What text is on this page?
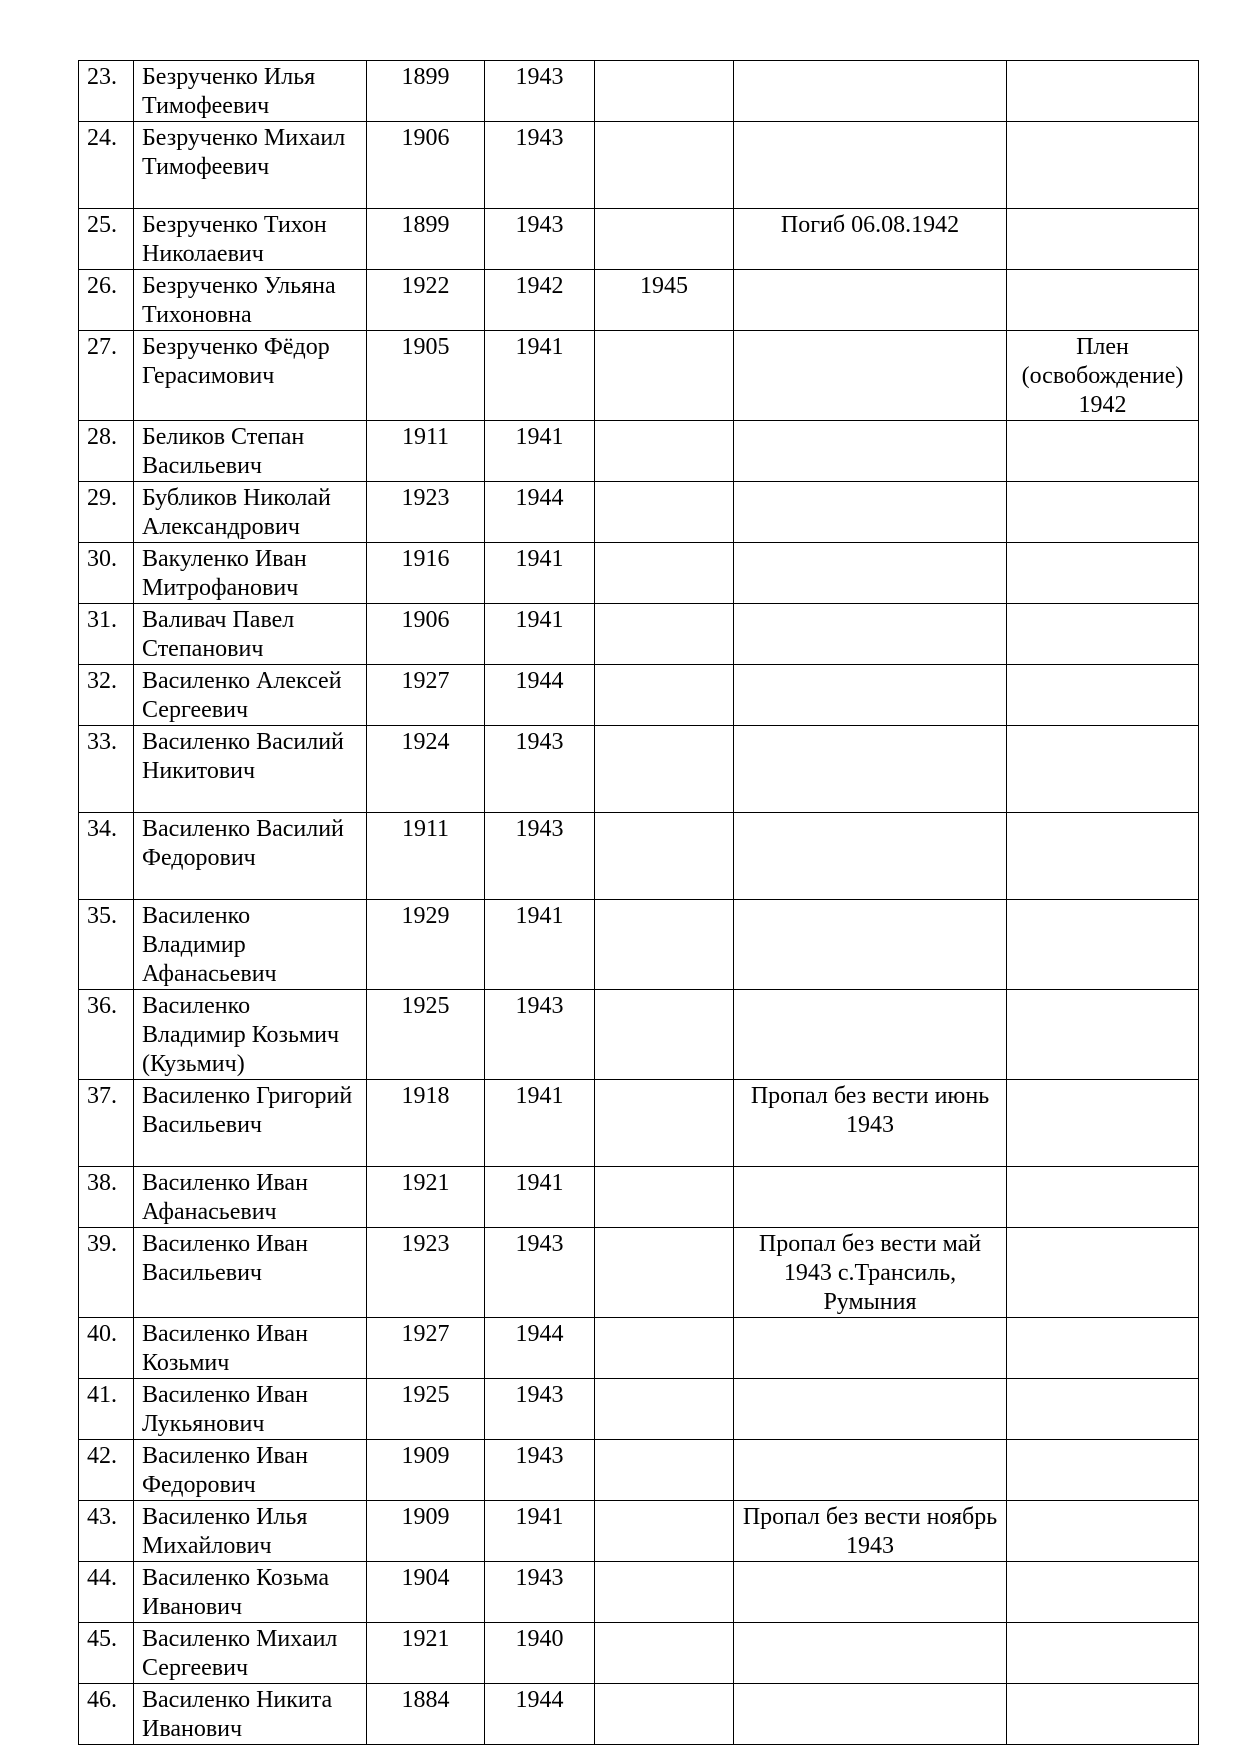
23.	Безрученко Илья Тимофеевич	1899	1943			
24.	Безрученко Михаил Тимофеевич	1906	1943			
25.	Безрученко Тихон Николаевич	1899	1943		Погиб 06.08.1942	
26.	Безрученко Ульяна Тихоновна	1922	1942	1945		
27.	Безрученко Фёдор Герасимович	1905	1941			Плен (освобождение) 1942
28.	Беликов Степан Васильевич	1911	1941			
29.	Бубликов Николай Александрович	1923	1944			
30.	Вакуленко Иван Митрофанович	1916	1941			
31.	Валивач Павел Степанович	1906	1941			
32.	Василенко Алексей Сергеевич	1927	1944			
33.	Василенко Василий Никитович	1924	1943			
34.	Василенко Василий Федорович	1911	1943			
35.	Василенко Владимир Афанасьевич	1929	1941			
36.	Василенко Владимир Козьмич (Кузьмич)	1925	1943			
37.	Василенко Григорий Васильевич	1918	1941		Пропал без вести июнь 1943	
38.	Василенко Иван Афанасьевич	1921	1941			
39.	Василенко Иван Васильевич	1923	1943		Пропал без вести май 1943 с.Трансиль, Румыния	
40.	Василенко Иван Козьмич	1927	1944			
41.	Василенко Иван Лукьянович	1925	1943			
42.	Василенко Иван Федорович	1909	1943			
43.	Василенко Илья Михайлович	1909	1941		Пропал без вести ноябрь 1943	
44.	Василенко Козьма Иванович	1904	1943			
45.	Василенко Михаил Сергеевич	1921	1940			
46.	Василенко Никита Иванович	1884	1944			
